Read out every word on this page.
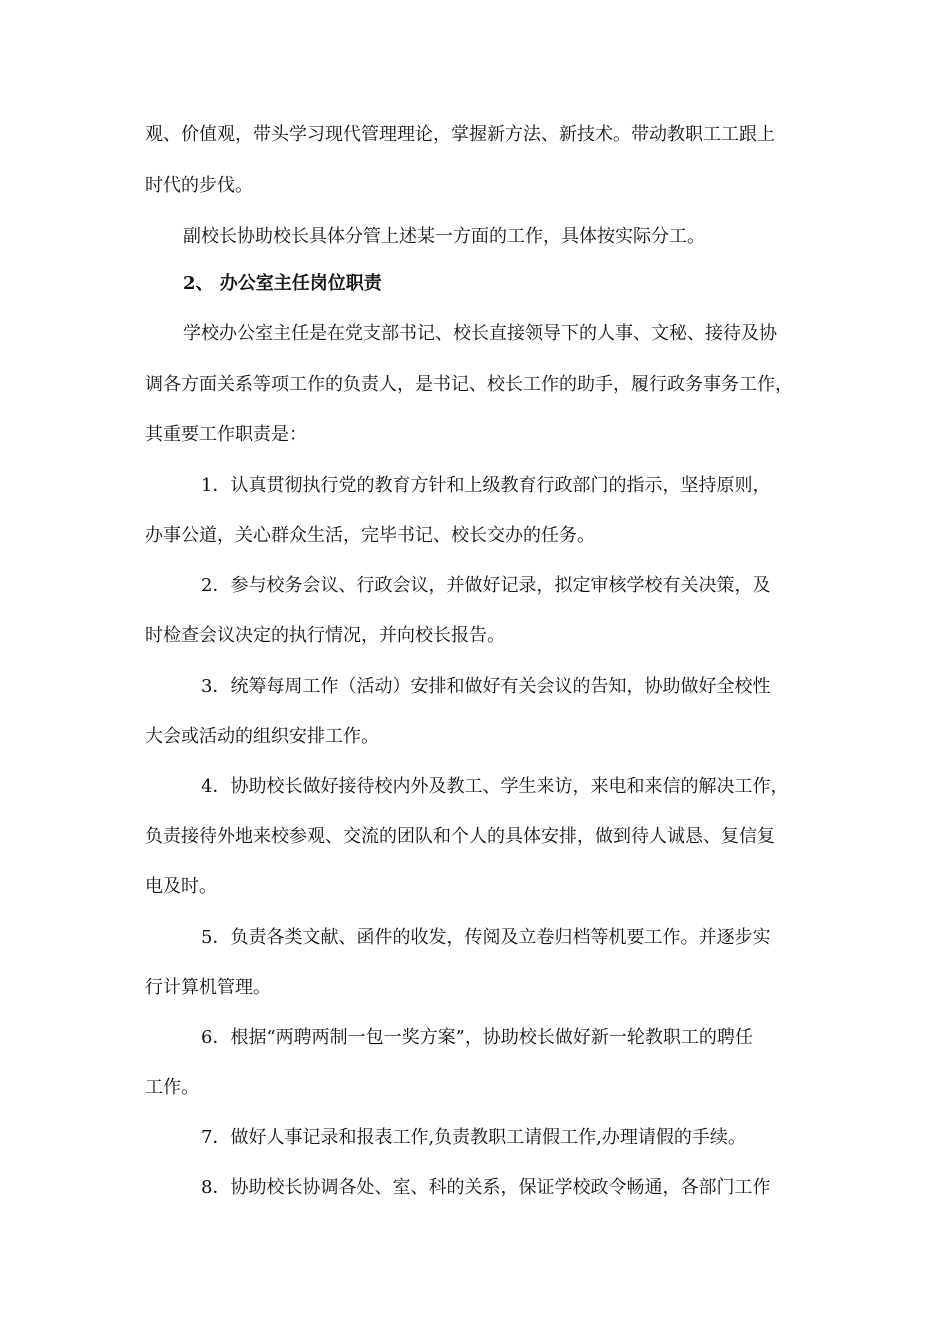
观、价值观，带头学习现代管理理论，掌握新方法、新技术。带动教职工工跟上
时代的步伐。
副校长协助校长具体分管上述某一方面的工作，具体按实际分工。
2、 办公室主任岗位职责
学校办公室主任是在党支部书记、校长直接领导下的人事、文秘、接待及协
调各方面关系等项工作的负责人，是书记、校长工作的助手，履行政务事务工作，
其重要工作职责是：
1．认真贯彻执行党的教育方针和上级教育行政部门的指示，坚持原则，
办事公道，关心群众生活，完毕书记、校长交办的任务。
2．参与校务会议、行政会议，并做好记录，拟定审核学校有关决策，及
时检查会议决定的执行情况，并向校长报告。
3．统筹每周工作（活动）安排和做好有关会议的告知，协助做好全校性
大会或活动的组织安排工作。
4．协助校长做好接待校内外及教工、学生来访，来电和来信的解决工作，
负责接待外地来校参观、交流的团队和个人的具体安排，做到待人诚恳、复信复
电及时。
5．负责各类文献、函件的收发，传阅及立卷归档等机要工作。并逐步实
行计算机管理。
6．根据“两聘两制一包一奖方案”，协助校长做好新一轮教职工的聘任
工作。
7．做好人事记录和报表工作,负责教职工请假工作,办理请假的手续。
8．协助校长协调各处、室、科的关系，保证学校政令畅通，各部门工作
